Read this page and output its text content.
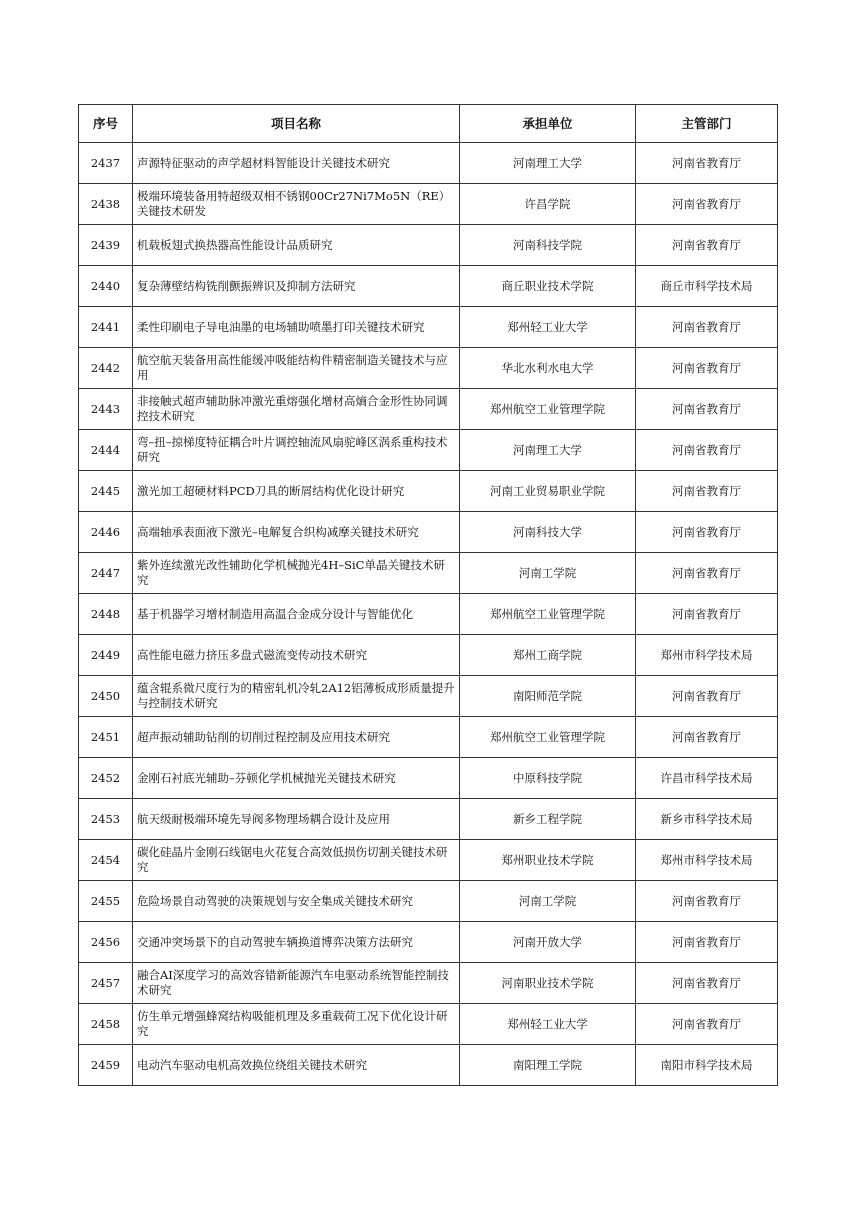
序号	项目名称	承担单位	主管部门
2437	声源特征驱动的声学超材料智能设计关键技术研究	河南理工大学	河南省教育厅
2438	极端环境装备用特超级双相不锈钢00Cr27Ni7Mo5N（RE）关键技术研发	许昌学院	河南省教育厅
2439	机载板翅式换热器高性能设计品质研究	河南科技学院	河南省教育厅
2440	复杂薄壁结构铣削颤振辨识及抑制方法研究	商丘职业技术学院	商丘市科学技术局
2441	柔性印刷电子导电油墨的电场辅助喷墨打印关键技术研究	郑州轻工业大学	河南省教育厅
2442	航空航天装备用高性能缓冲吸能结构件精密制造关键技术与应用	华北水利水电大学	河南省教育厅
2443	非接触式超声辅助脉冲激光重熔强化增材高熵合金形性协同调控技术研究	郑州航空工业管理学院	河南省教育厅
2444	弯–扭–掠梯度特征耦合叶片调控轴流风扇驼峰区涡系重构技术研究	河南理工大学	河南省教育厅
2445	激光加工超硬材料PCD刀具的断屑结构优化设计研究	河南工业贸易职业学院	河南省教育厅
2446	高端轴承表面液下激光–电解复合织构减摩关键技术研究	河南科技大学	河南省教育厅
2447	紫外连续激光改性辅助化学机械抛光4H–SiC单晶关键技术研究	河南工学院	河南省教育厅
2448	基于机器学习增材制造用高温合金成分设计与智能优化	郑州航空工业管理学院	河南省教育厅
2449	高性能电磁力挤压多盘式磁流变传动技术研究	郑州工商学院	郑州市科学技术局
2450	蕴含辊系微尺度行为的精密轧机冷轧2A12铝薄板成形质量提升与控制技术研究	南阳师范学院	河南省教育厅
2451	超声振动辅助钻削的切削过程控制及应用技术研究	郑州航空工业管理学院	河南省教育厅
2452	金刚石衬底光辅助–芬顿化学机械抛光关键技术研究	中原科技学院	许昌市科学技术局
2453	航天级耐极端环境先导阀多物理场耦合设计及应用	新乡工程学院	新乡市科学技术局
2454	碳化硅晶片金刚石线锯电火花复合高效低损伤切割关键技术研究	郑州职业技术学院	郑州市科学技术局
2455	危险场景自动驾驶的决策规划与安全集成关键技术研究	河南工学院	河南省教育厅
2456	交通冲突场景下的自动驾驶车辆换道博弈决策方法研究	河南开放大学	河南省教育厅
2457	融合AI深度学习的高效容错新能源汽车电驱动系统智能控制技术研究	河南职业技术学院	河南省教育厅
2458	仿生单元增强蜂窝结构吸能机理及多重载荷工况下优化设计研究	郑州轻工业大学	河南省教育厅
2459	电动汽车驱动电机高效换位绕组关键技术研究	南阳理工学院	南阳市科学技术局
